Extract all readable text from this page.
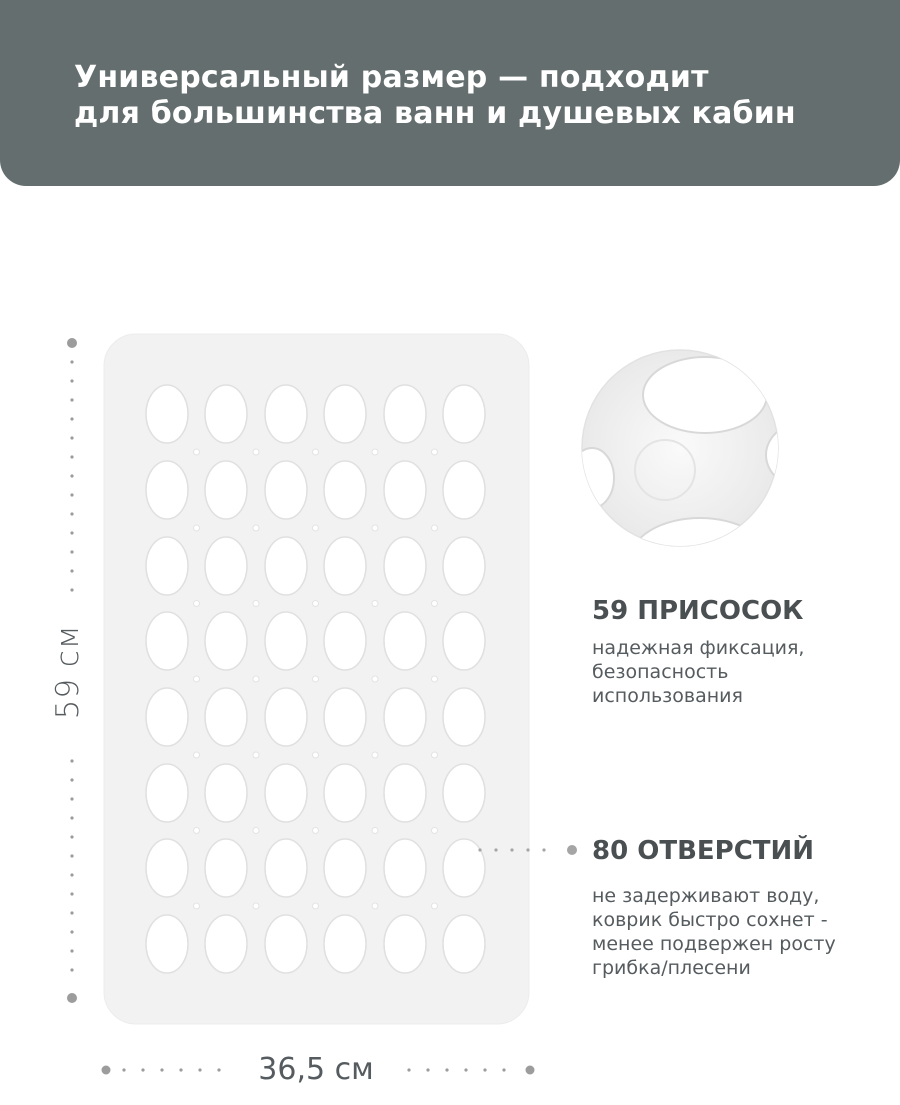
Универсальный размер — подходит
для большинства ванн и душевых кабин
59 см
36,5 см
59 ПРИСОСОК
надежная фиксация,
безопасность
использования
80 ОТВЕРСТИЙ
не задерживают воду,
коврик быстро сохнет -
менее подвержен росту
грибка/плесени
